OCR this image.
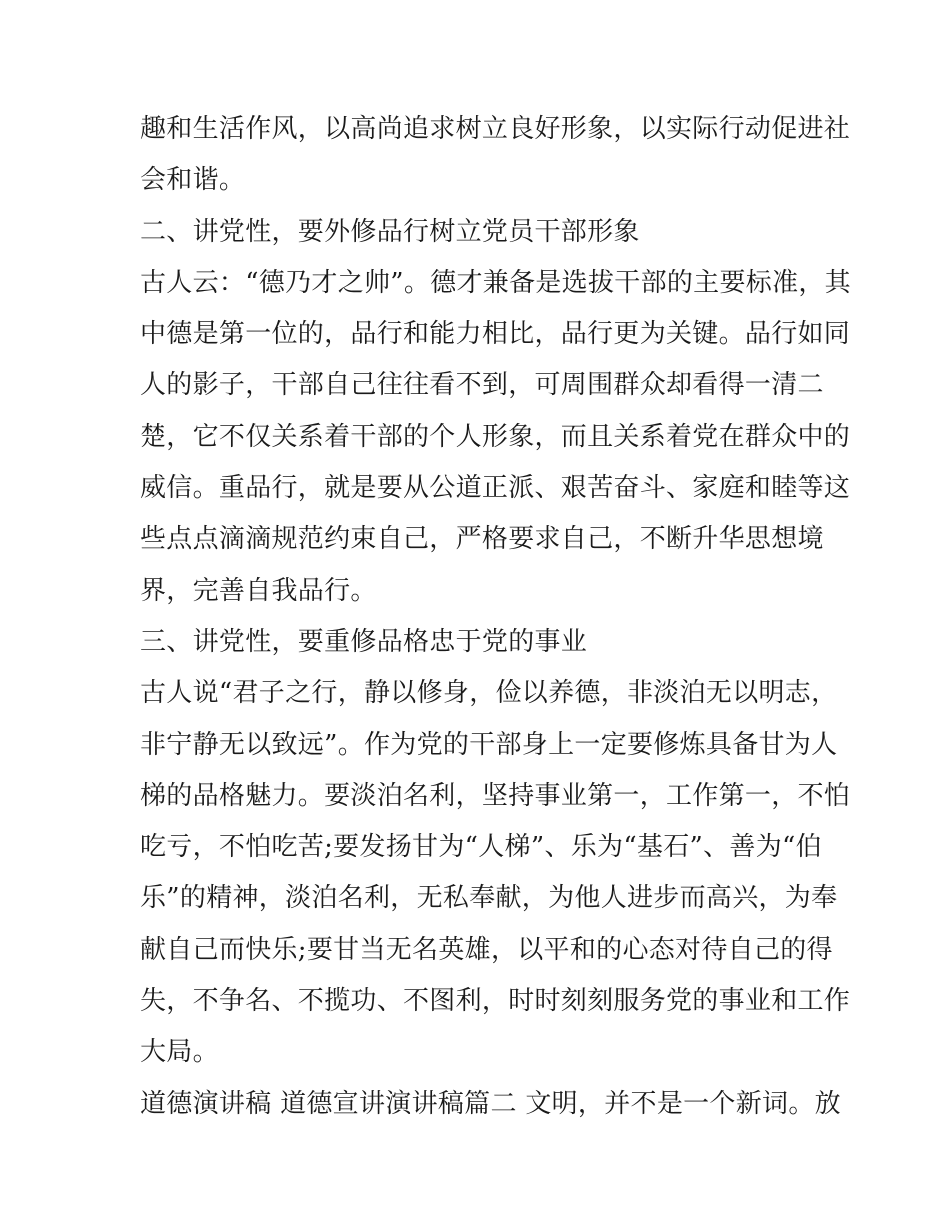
趣和生活作风，以高尚追求树立良好形象，以实际行动促进社
会和谐。
二、讲党性，要外修品行树立党员干部形象
古人云：“德乃才之帅”。德才兼备是选拔干部的主要标准，其
中德是第一位的，品行和能力相比，品行更为关键。品行如同
人的影子，干部自己往往看不到，可周围群众却看得一清二
楚，它不仅关系着干部的个人形象，而且关系着党在群众中的
威信。重品行，就是要从公道正派、艰苦奋斗、家庭和睦等这
些点点滴滴规范约束自己，严格要求自己，不断升华思想境
界，完善自我品行。
三、讲党性，要重修品格忠于党的事业
古人说“君子之行，静以修身，俭以养德，非淡泊无以明志，
非宁静无以致远”。作为党的干部身上一定要修炼具备甘为人
梯的品格魅力。要淡泊名利，坚持事业第一，工作第一，不怕
吃亏，不怕吃苦;要发扬甘为“人梯”、乐为“基石”、善为“伯
乐”的精神，淡泊名利，无私奉献，为他人进步而高兴，为奉
献自己而快乐;要甘当无名英雄，以平和的心态对待自己的得
失，不争名、不揽功、不图利，时时刻刻服务党的事业和工作
大局。
道德演讲稿 道德宣讲演讲稿篇二 文明，并不是一个新词。放
